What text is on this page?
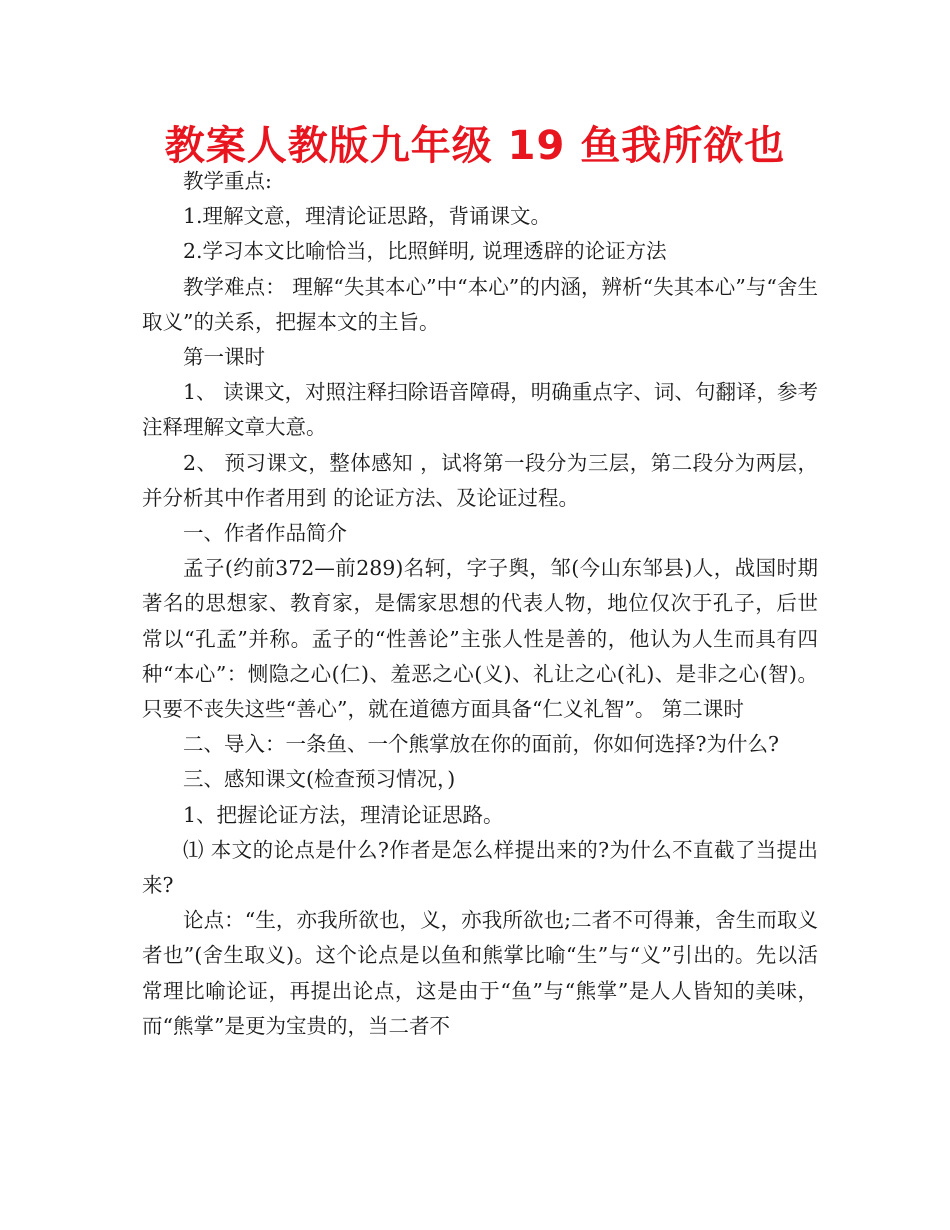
教案人教版九年级 19 鱼我所欲也

教学重点:

1.理解文意，理清论证思路，背诵课文。

2.学习本文比喻恰当，比照鲜明, 说理透辟的论证方法

教学难点： 理解“失其本心”中“本心”的内涵，辨析“失其本心”与“舍生取义”的关系，把握本文的主旨。

第一课时

1、 读课文，对照注释扫除语音障碍，明确重点字、词、句翻译，参考注释理解文章大意。

2、 预习课文，整体感知 ，试将第一段分为三层，第二段分为两层，并分析其中作者用到 的论证方法、及论证过程。

一、作者作品简介

孟子(约前372—前289)名轲，字子舆，邹(今山东邹县)人，战国时期著名的思想家、教育家，是儒家思想的代表人物，地位仅次于孔子，后世常以“孔孟”并称。孟子的“性善论”主张人性是善的，他认为人生而具有四种“本心”：恻隐之心(仁)、羞恶之心(义)、礼让之心(礼)、是非之心(智)。只要不丧失这些“善心”，就在道德方面具备“仁义礼智”。 第二课时

二、导入：一条鱼、一个熊掌放在你的面前，你如何选择?为什么?

三、感知课文(检查预习情况，)

1、把握论证方法，理清论证思路。

⑴ 本文的论点是什么?作者是怎么样提出来的?为什么不直截了当提出来?

论点：“生，亦我所欲也，义，亦我所欲也;二者不可得兼，舍生而取义者也”(舍生取义)。这个论点是以鱼和熊掌比喻“生”与“义”引出的。先以活常理比喻论证，再提出论点，这是由于“鱼”与“熊掌”是人人皆知的美味，而“熊掌”是更为宝贵的，当二者不
